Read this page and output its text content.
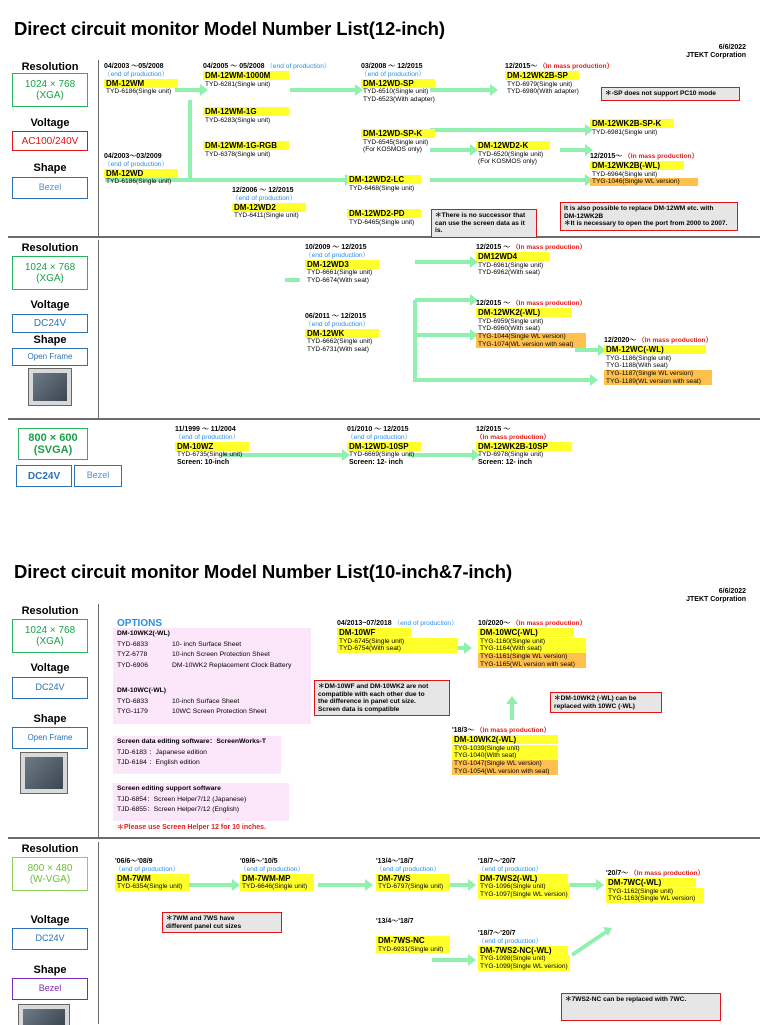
Direct circuit monitor Model Number List(12-inch)
6/6/2022
JTEKT Corpration
Resolution
1024 × 768
(XGA)
Voltage
AC100/240V
Shape
Bezel
Resolution
1024 × 768
(XGA)
Voltage
DC24V
Shape
Open Frame
800 × 600
(SVGA)
DC24V	Bezel
04/2003 ～05/2008
（end of production）
DM-12WM
TYD-6186(Single unit)
04/2003～03/2009
（end of production）
DM-12WD
TYD-6186(Single unit)
04/2005 ～ 05/2008 （end of production）
DM-12WM-1000M
TYD-6281(Single unit)
DM-12WM-1G
TYD-6283(Single unit)
DM-12WM-1G-RGB
TYD-6378(Single unit)
12/2006 ～ 12/2015
（end of production）
DM-12WD2
TYD-6411(Single unit)
03/2008 ～ 12/2015
（end of production）
DM-12WD-SP
TYD-6510(Single unit)
TYD-6523(With adapter)
DM-12WD-SP-K
TYD-6545(Single unit)
(For KOSMOS only)
DM-12WD2-LC
TYD-6468(Single unit)
DM-12WD2-PD
TYD-6465(Single unit)
DM-12WD2-K
TYD-6520(Single unit)
(For KOSMOS only)
12/2015～ （In mass production）
DM-12WK2B-SP
TYD-6979(Single unit)
TYD-6980(With adapter)
DM-12WK2B-SP-K
TYD-6981(Single unit)
12/2015～ （In mass production）
DM-12WK2B(-WL)
TYD-6964(Single unit)
TYG-1046(Single WL version)
＊-SP does not support PC10 mode
＊There is no successor that
can use the screen data as it is.
It is also possible to replace DM-12WM etc. with
DM-12WK2B
＊It is necessary to open the port from 2000 to 2007.
10/2009 ～ 12/2015
（end of production）
DM-12WD3
TYD-6661(Single unit)
TYD-6674(With seat)
06/2011 ～ 12/2015
（end of production）
DM-12WK
TYD-6662(Single unit)
TYD-6731(With seat)
12/2015 ～ （In mass production）
DM12WD4
TYD-6961(Single unit)
TYD-6962(With seat)
12/2015 ～ （In mass production）
DM-12WK2(-WL)
TYD-6959(Single unit)
TYD-6960(With seat)
TYG-1044(Single WL version)
TYG-1074(WL version with seat)
12/2020～ （In mass production）
DM-12WC(-WL)
TYG-1186(Single unit)
TYG-1188(With seat)
TYG-1187(Single WL version)
TYG-1189(WL version with seat)
11/1999 ～ 11/2004
（end of production）
DM-10WZ
TYD-6735(Single unit)
Screen: 10-inch
01/2010 ～ 12/2015
（end of production）
DM-12WD-10SP
TYD-6669(Single unit)
Screen: 12- inch
12/2015 ～
（In mass production）
DM-12WK2B-10SP
TYD-6978(Single unit)
Screen: 12- inch
Direct circuit monitor Model Number List(10-inch&7-inch)
6/6/2022
JTEKT Corpration
Resolution
1024 × 768
(XGA)
Voltage
DC24V
Shape
Open Frame
Resolution
800 × 480
(W-VGA)
Voltage
DC24V
Shape
Bezel
OPTIONS
DM-10WK2(-WL)
TYD-6833	10- inch Surface Sheet
TYZ-6778	10-inch Screen Protection Sheet
TYD-6906	DM-10WK2 Replacement Clock Battery
DM-10WC(-WL)
TYD-6833	10-inch Surface Sheet
TYG-1179	10WC Screen Protection Sheet
Screen data editing software：ScreenWorks-T
TJD-6183 ：Japanese edition
TJD-6184 ：English edition
Screen editing support software
TJD-6854：Screen Helper7/12 (Japanese)
TJD-6855：Screen Helper7/12 (English)
＊Please use Screen Helper 12 for 10 inches.
04/2013~07/2018 （end of production）
DM-10WF
TYD-6745(Single unit)
TYD-6754(With seat)
10/2020～ （In mass production）
DM-10WC(-WL)
TYG-1160(Single unit)
TYG-1164(With seat)
TYG-1161(Single WL version)
TYG-1165(WL version with seat)
'18/3～ （In mass production）
DM-10WK2(-WL)
TYG-1039(Single unit)
TYG-1040(With seat)
TYG-1047(Single WL version)
TYG-1054(WL version with seat)
＊DM-10WF and DM-10WK2 are not
compatible with each other due to
the difference in panel cut size.
Screen data is compatible
＊DM-10WK2 (-WL) can be
replaced with 10WC (-WL)
'06/6～'08/9
（end of production）
DM-7WM
TYD-6354(Single unit)
'09/6～'10/5
（end of production）
DM-7WM-MP
TYD-6646(Single unit)
'13/4～'18/7
（end of production）
DM-7WS
TYD-6797(Single unit)
'13/4～'18/7
DM-7WS-NC
TYD-6931(Single unit)
'18/7～'20/7
（end of production）
DM-7WS2(-WL)
TYG-1096(Single unit)
TYG-1097(Single WL version)
'18/7～'20/7
（end of production）
DM-7WS2-NC(-WL)
TYG-1098(Single unit)
TYG-1099(Single WL version)
'20/7～ （In mass production）
DM-7WC(-WL)
TYG-1162(Single unit)
TYG-1163(Single WL version)
＊7WM and 7WS have
different panel cut sizes
＊7WS2-NC can be replaced with 7WC.
